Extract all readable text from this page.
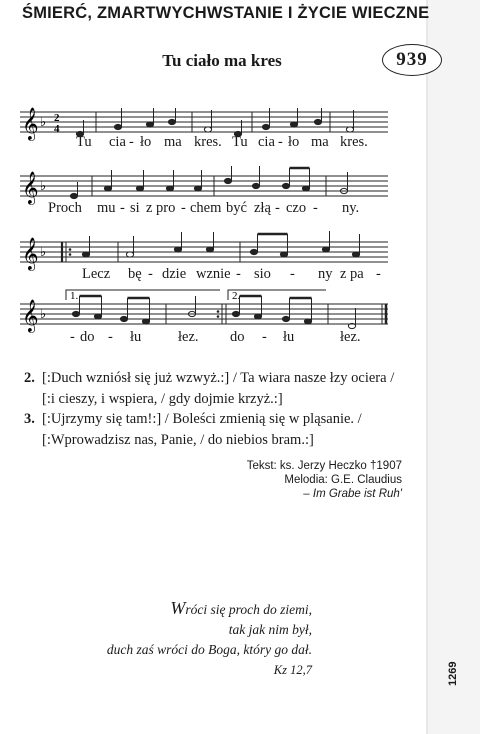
ŚMIERĆ, ZMARTWYCHWSTANIE I ŻYCIE WIECZNE
Tu ciało ma kres	939
𝄞 ♭ 2
4
Tu cia - ło ma kres. Tu cia - ło ma kres.
𝄞 ♭
Proch mu - si z pro - chem być złą - czo - ny.
𝄞 ♭
Lecz bę - dzie wznie - sio - ny z pa -
1.	2.
𝄞 ♭
- do - łu	łez. do - łu	łez.
2. [:Duch wzniósł się już wzwyż.:] / Ta wiara nasze łzy ociera /
[:i cieszy, i wspiera, / gdy dojmie krzyż.:]
3. [:Ujrzymy się tam!:] / Boleści zmienią się w pląsanie. /
[:Wprowadzisz nas, Panie, / do niebios bram.:]
Tekst: ks. Jerzy Heczko †1907
Melodia: G.E. Claudius
– Im Grabe ist Ruh'
Wróci się proch do ziemi,
tak jak nim był,
duch zaś wróci do Boga, który go dał.
Kz 12,7	1269
